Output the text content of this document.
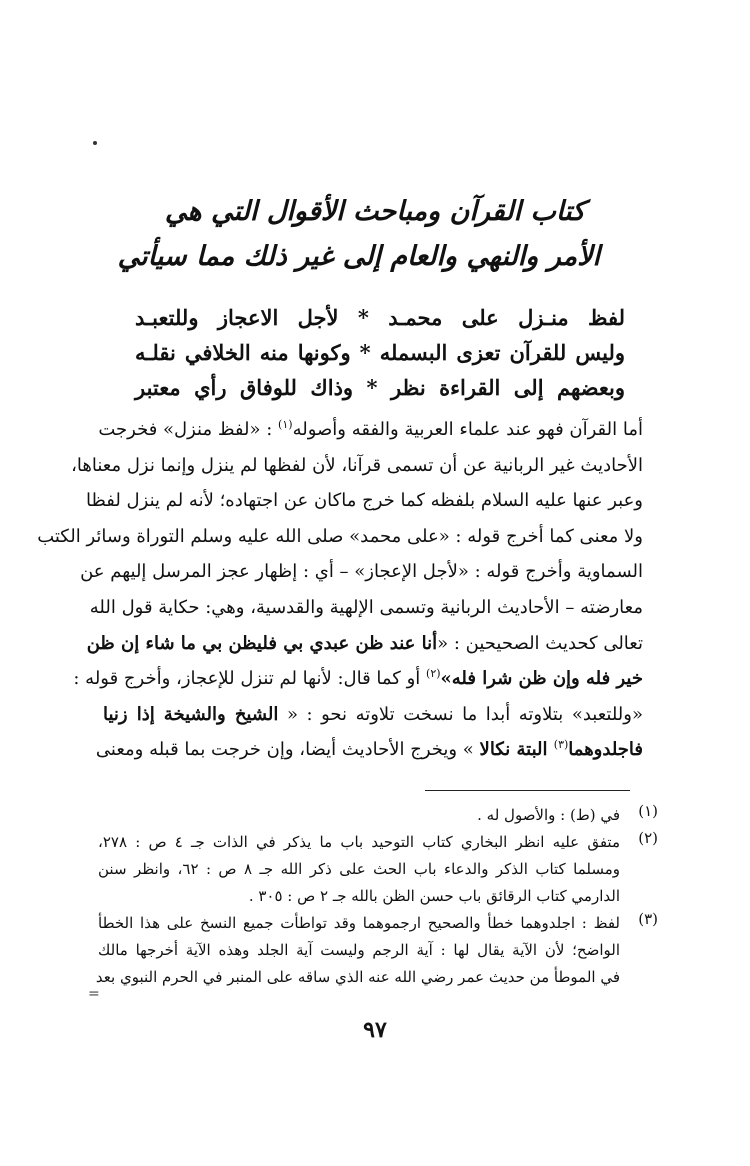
كتاب القرآن ومباحث الأقوال التي هي
الأمر والنهي والعام إلى غير ذلك مما سيأتي
لفظ منـزل على محمـد * لأجل الاعجاز وللتعبـد
وليس للقرآن تعزى البسمله * وكونها منه الخلافي نقلـه
وبعضهم إلى القراءة نظر * وذاك للوفاق رأي معتبر
أما القرآن فهو عند علماء العربية والفقه وأصوله$^{(١)}$ : «لفظ منزل» فخرجت
الأحاديث غير الربانية عن أن تسمى قرآنا، لأن لفظها لم ينزل وإنما نزل معناها،
وعبر عنها عليه السلام بلفظه كما خرج ماكان عن اجتهاده؛ لأنه لم ينزل لفظا
ولا معنى كما أخرج قوله : «على محمد» صلى الله عليه وسلم التوراة وسائر الكتب
السماوية وأخرج قوله : «لأجل الإعجاز» – أي : إظهار عجز المرسل إليهم عن
معارضته – الأحاديث الربانية وتسمى الإلهية والقدسية، وهي: حكاية قول الله
تعالى كحديث الصحيحين : «أنا عند ظن عبدي بي فليظن بي ما شاء إن ظن
خير فله وإن ظن شرا فله»$^{(٢)}$ أو كما قال: لأنها لم تنزل للإعجاز، وأخرج قوله :
«وللتعبد» بتلاوته أبدا ما نسخت تلاوته نحو : « الشيخ والشيخة إذا زنيا
فاجلدوهما$^{(٣)}$ البتة نكالا » ويخرج الأحاديث أيضا، وإن خرجت بما قبله ومعنى
(١)
في (ط) : والأصول له .
(٢)
متفق عليه انظر البخاري كتاب التوحيد باب ما يذكر في الذات جـ ٤ ص : ٢٧٨،
ومسلما كتاب الذكر والدعاء باب الحث على ذكر الله جـ ٨ ص : ٦٢، وانظر سنن
الدارمي كتاب الرقائق باب حسن الظن بالله جـ ٢ ص : ٣٠٥ .
(٣)
لفظ : اجلدوهما خطأ والصحيح ارجموهما وقد تواطأت جميع النسخ على هذا الخطأ
الواضح؛ لأن الآية يقال لها : آية الرجم وليست آية الجلد وهذه الآية أخرجها مالك
في الموطأ من حديث عمر رضي الله عنه الذي ساقه على المنبر في الحرم النبوي بعد
=
٩٧
